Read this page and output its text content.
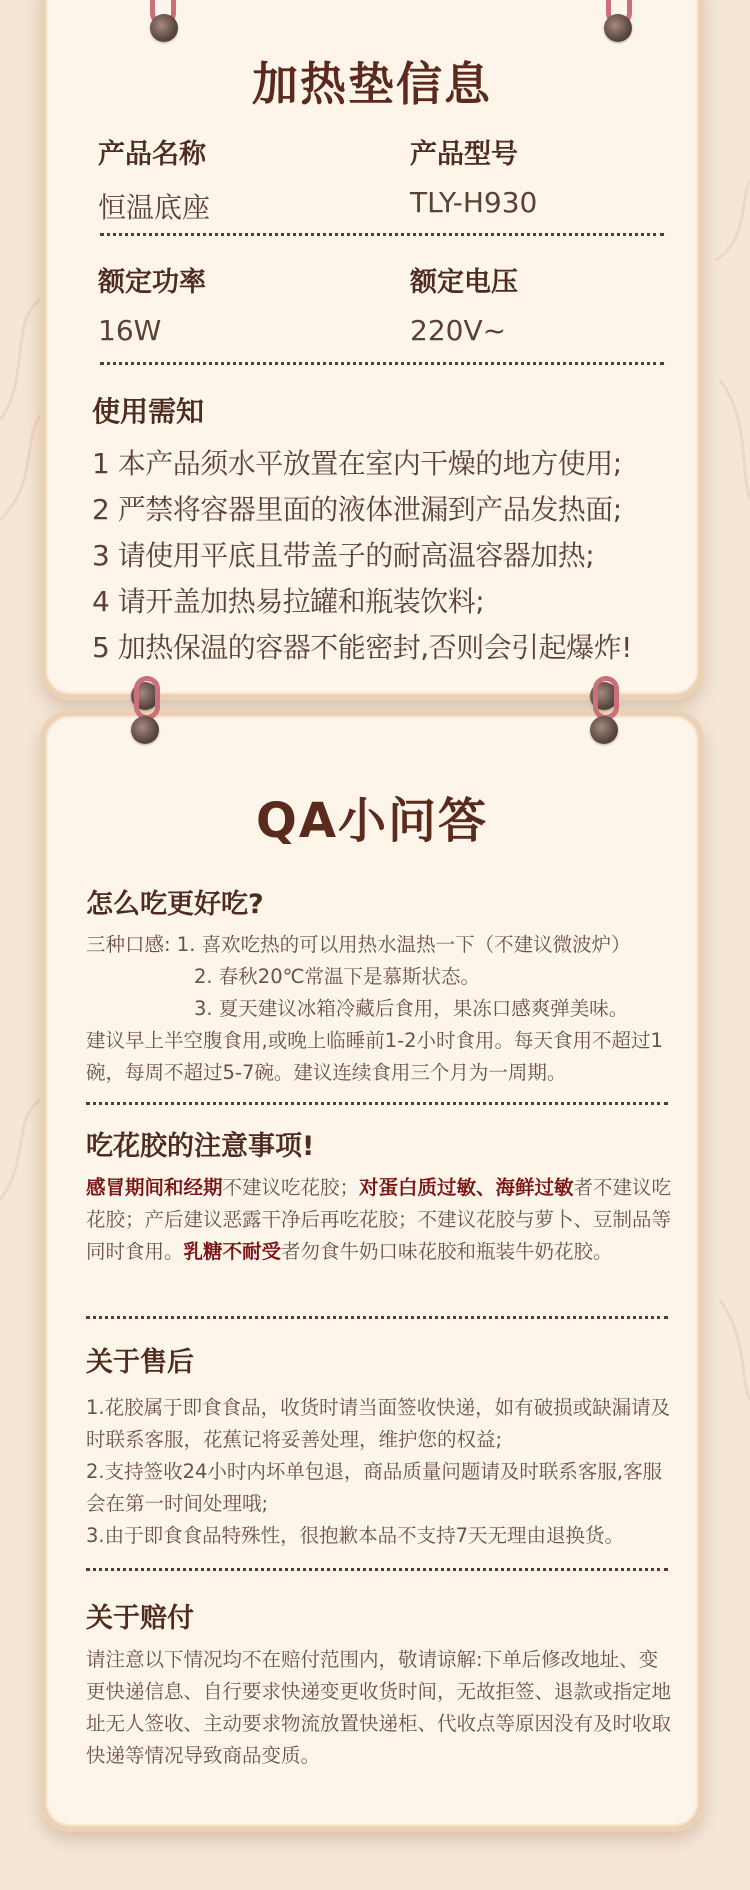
加热垫信息
产品名称
恒温底座
产品型号
TLY-H930
额定功率
16W
额定电压
220V~
使用需知
1 本产品须水平放置在室内干燥的地方使用;
2 严禁将容器里面的液体泄漏到产品发热面;
3 请使用平底且带盖子的耐高温容器加热;
4 请开盖加热易拉罐和瓶装饮料;
5 加热保温的容器不能密封,否则会引起爆炸!
QA小问答
怎么吃更好吃?

三种口感: 1. 喜欢吃热的可以用热水温热一下（不建议微波炉）

2. 春秋20℃常温下是慕斯状态。

3. 夏天建议冰箱冷藏后食用，果冻口感爽弹美味。

建议早上半空腹食用,或晚上临睡前1-2小时食用。每天食用不超过1碗，每周不超过5-7碗。建议连续食用三个月为一周期。

吃花胶的注意事项!

感冒期间和经期不建议吃花胶；对蛋白质过敏、海鲜过敏者不建议吃花胶；产后建议恶露干净后再吃花胶；不建议花胶与萝卜、豆制品等同时食用。乳糖不耐受者勿食牛奶口味花胶和瓶装牛奶花胶。

关于售后

1.花胶属于即食食品，收货时请当面签收快递，如有破损或缺漏请及时联系客服，花蕉记将妥善处理，维护您的权益;

2.支持签收24小时内坏单包退，商品质量问题请及时联系客服,客服会在第一时间处理哦;

3.由于即食食品特殊性，很抱歉本品不支持7天无理由退换货。

关于赔付

请注意以下情况均不在赔付范围内，敬请谅解:下单后修改地址、变更快递信息、自行要求快递变更收货时间，无故拒签、退款或指定地址无人签收、主动要求物流放置快递柜、代收点等原因没有及时收取快递等情况导致商品变质。
